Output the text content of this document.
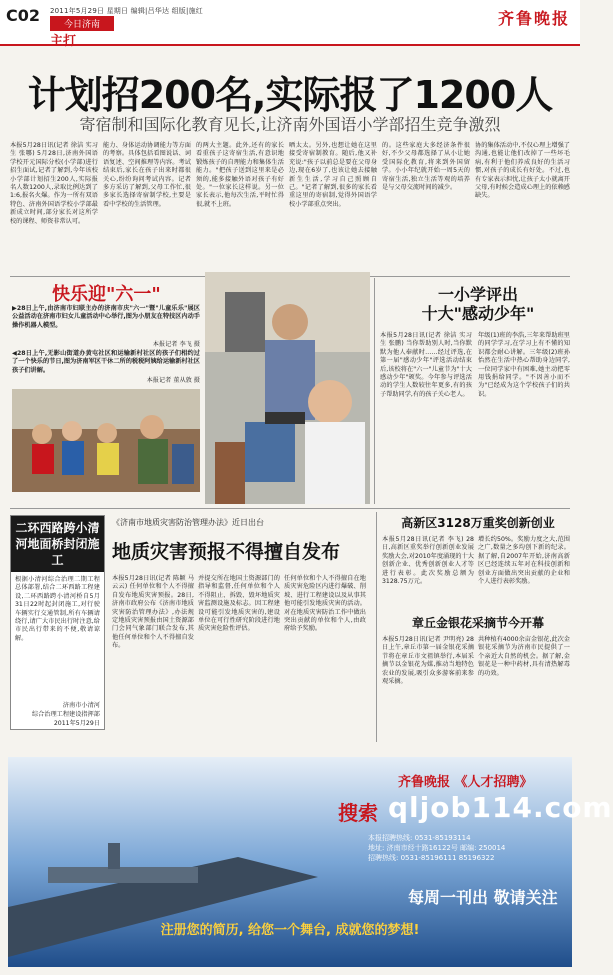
C02 2011年5月29日 星期日 编辑|吕华达 组版|施红
今日济南
主打
齐鲁晚报
计划招200名,实际报了1200人
寄宿制和国际化教育见长,让济南外国语小学部招生竞争激烈
本报5月28日讯(记者 徐洁 实习生 张哪) 5月28日,济南外国语学校开元国际分校(小学部)进行招生面试,记者了解到,今年该校小学部计划招生200人,实际报名人数1200人,录取比例达到了1:6,报名火爆。作为一所有双语特色、济南外国语学校小学部最新成立时间,部分家长对这所学校的课程、师资非常认可。
能力、身体运动协调能力等方面的考察。具体包括看图说话、词语复述、空间推理等内容。考试结束后,家长在孩子出来时都很关心,纷纷询问考试内容。记者多方采访了解到,父母工作忙,很多家长选择寄宿制学校,主要是看中学校的生活管理。
的两大主题。此外,还有的家长看重孩子这寄宿生活,有意识地锻炼孩子的自理能力和集体生活能力。"把孩子送到这里来是必须的,能多接触外语对孩子有好处。"一位家长这样说。另一位家长表示,他每次生活,平时忙得很,就不上班。
晒太太。另外,也想让她在这里接受寄宿制教育。随后,他又补充说:"孩子以前总是要在父母身边,现在6岁了,也该让她去接触新生生活,学习自己照顾自己。"记者了解到,很多的家长看重这里的寄宿制,觉得外国语学校小学部重点突出。
的。这些家庭大多经济条件很好,不少父母都选择了从小让她受国际化教育,将来到外国留学。小小年纪就开始一周5天的寄宿生活,独立生活等观的培养是与父母交流时间的减少。
协的集体活动中,不仅心理上增强了沟通,也能让他们改掉了一些坏毛病,有利于他们养成良好的生活习惯,对孩子的成长有好处。不过,也有专家表示担忧,让孩子太小就离开父母,有时候会造成心理上的依赖感缺失。
快乐迎"六一"
▶28日上午,由济南市妇联主办的济南市庆"六一"暨"儿童乐乐"展区公益活动在济南市妇女儿童活动中心举行,图为小朋友在特技区内动手操作机器人模型。
本报记者 李飞 摄
◀28日上午,无影山街道办黄屯社区和运输新村社区的孩子们相约过了一个快乐的节日,图为济南军区干休二所的税税阿姨给运输新村社区孩子们讲解。
本报记者 董从敦 摄
一小学评出
十大"感动少年"
本报5月28日讯(记者 徐洁 实习生 张鹏) 当你帮助别人时,当你默默为他人奉献时……经过评选,在第一届"感动少年"评选活动结束后,该校将在"六一"儿童节为"十大感动少年"颁奖。今年参与评选活动的学生人数较往年更多,有的孩子帮助同学,有的孩子关心老人。
年级(1)班的李浩,三年来帮助班里的同学学习,在学习上有不懂的知识都会耐心讲解。三年级(2)班孙怡然在生活中热心帮助身边同学,一位同学家中有困难,她主动把零用钱捐给同学。"不因善小而不为"已经成为这个学校孩子们的共识。
二环西路跨小清河地面桥封闭施工
根据小清河综合治理二期工程总体部署,结合二环西路工程建设,二环西路跨小清河桥自5月31日22时起封闭施工,对行驶车辆实行交通管制,所有车辆请绕行,请广大市民出行时注意,给市民出行带来的不便,敬请谅解。
济南市小清河
综合治理工程建设指挥部
2011年5月29日
《济南市地质灾害防治管理办法》近日出台
地质灾害预报不得擅自发布
本报5月28日讯(记者 陈颖 马云云) 任何单位和个人不得擅自发布地质灾害预报。28日,济南市政府公布《济南市地质灾害防治管理办法》,办法规定地质灾害预报由国土资源部门会同气象部门联合发布,其他任何单位和个人不得擅自发布。
并提交所在地国土资源部门的指导和监督,任何单位和个人不得阻止、拆毁、毁坏地质灾害监测设施及标志。因工程建设可能引发地质灾害的,建设单位在可行性研究阶段进行地质灾害危险性评估。
任何单位和个人不得擅自在地质灾害危险区内进行爆破、削坡、进行工程建设以及从事其他可能引发地质灾害的活动。对在地质灾害防治工作中做出突出贡献的单位和个人,由政府给予奖励。
高新区3128万重奖创新创业
本报5月28日讯(记者 李飞) 28日,高新区重奖举行创新创业发展奖励大会,对2010年度涌现的十大创新企业、优秀创新创业人才等进行表彰。此次奖励总额为3128.75万元。
增长约50%。奖励力度之大,范围之广,数量之多均创下新的纪录。据了解,自2007年开始,济南高新区已经连续五年对在科技创新和创业方面做出突出贡献的企业和个人进行表彰奖励。
章丘金银花采摘节今开幕
本报5月28日讯(记者 尹明亮) 28日上午,章丘市第一届金银花采摘节将在章丘市文祖镇举行,本届采摘节以金银花为媒,推动当地特色农业的发展,吸引众多游客前来参观采摘。
共种植有4000余亩金银花,此次金银花采摘节为济南市民提供了一个亲近大自然的机会。据了解,金银花是一种中药材,具有清热解毒的功效。
齐鲁晚报 《人才招聘》
搜索 qljob114.com
本报招聘热线: 0531-85193114
地址: 济南市经十路16122号 邮编: 250014
招聘热线: 0531-85196111 85196322
每周一刊出 敬请关注
注册您的简历, 给您一个舞台, 成就您的梦想!
